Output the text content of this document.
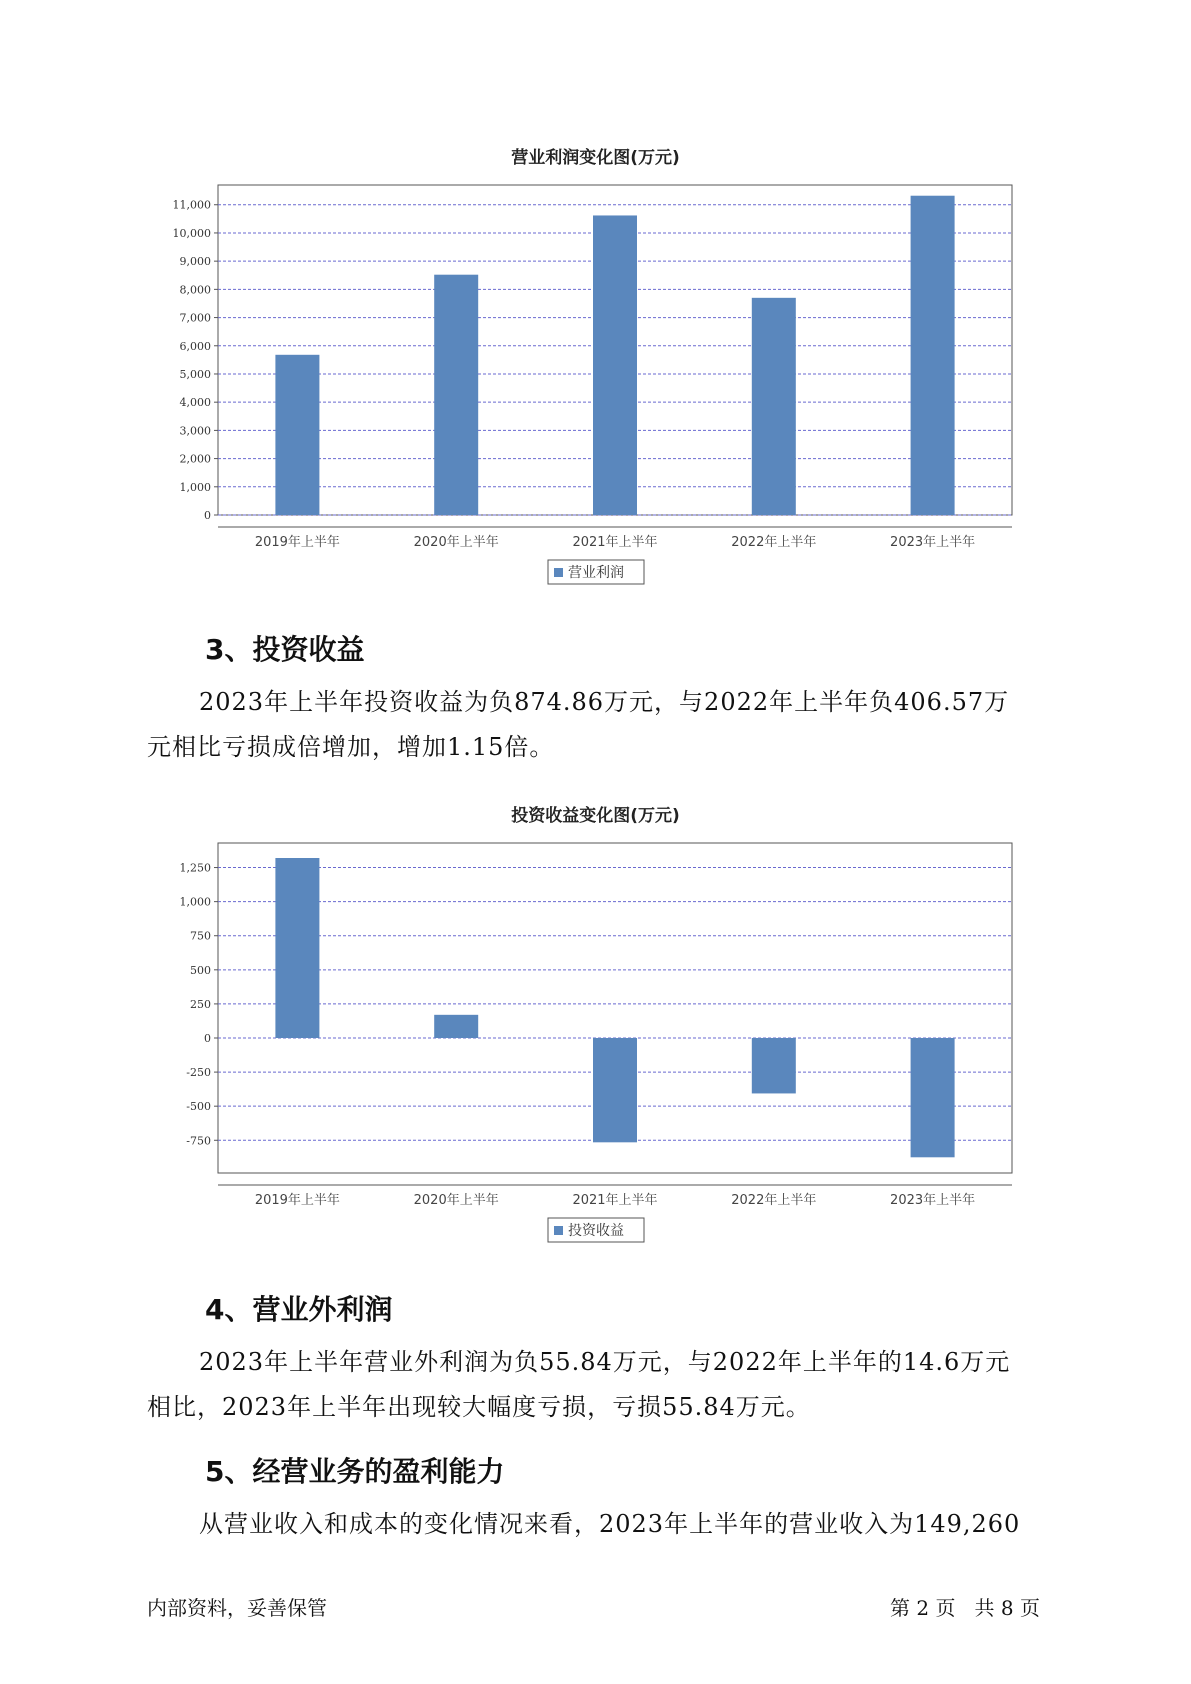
营业利润变化图(万元)
0
1,000
2,000
3,000
4,000
5,000
6,000
7,000
8,000
9,000
10,000
11,000
2019年上半年	2020年上半年	2021年上半年	2022年上半年	2023年上半年
营业利润
3、投资收益
2023年上半年投资收益为负874.86万元，与2022年上半年负406.57万
元相比亏损成倍增加，增加1.15倍。
投资收益变化图(万元)
-750
-500
-250
0
250
500
750
1,000
1,250
2019年上半年	2020年上半年	2021年上半年	2022年上半年	2023年上半年
投资收益
4、营业外利润
2023年上半年营业外利润为负55.84万元，与2022年上半年的14.6万元
相比，2023年上半年出现较大幅度亏损，亏损55.84万元。
5、经营业务的盈利能力
从营业收入和成本的变化情况来看，2023年上半年的营业收入为149,260
内部资料，妥善保管	第 2 页   共 8 页
